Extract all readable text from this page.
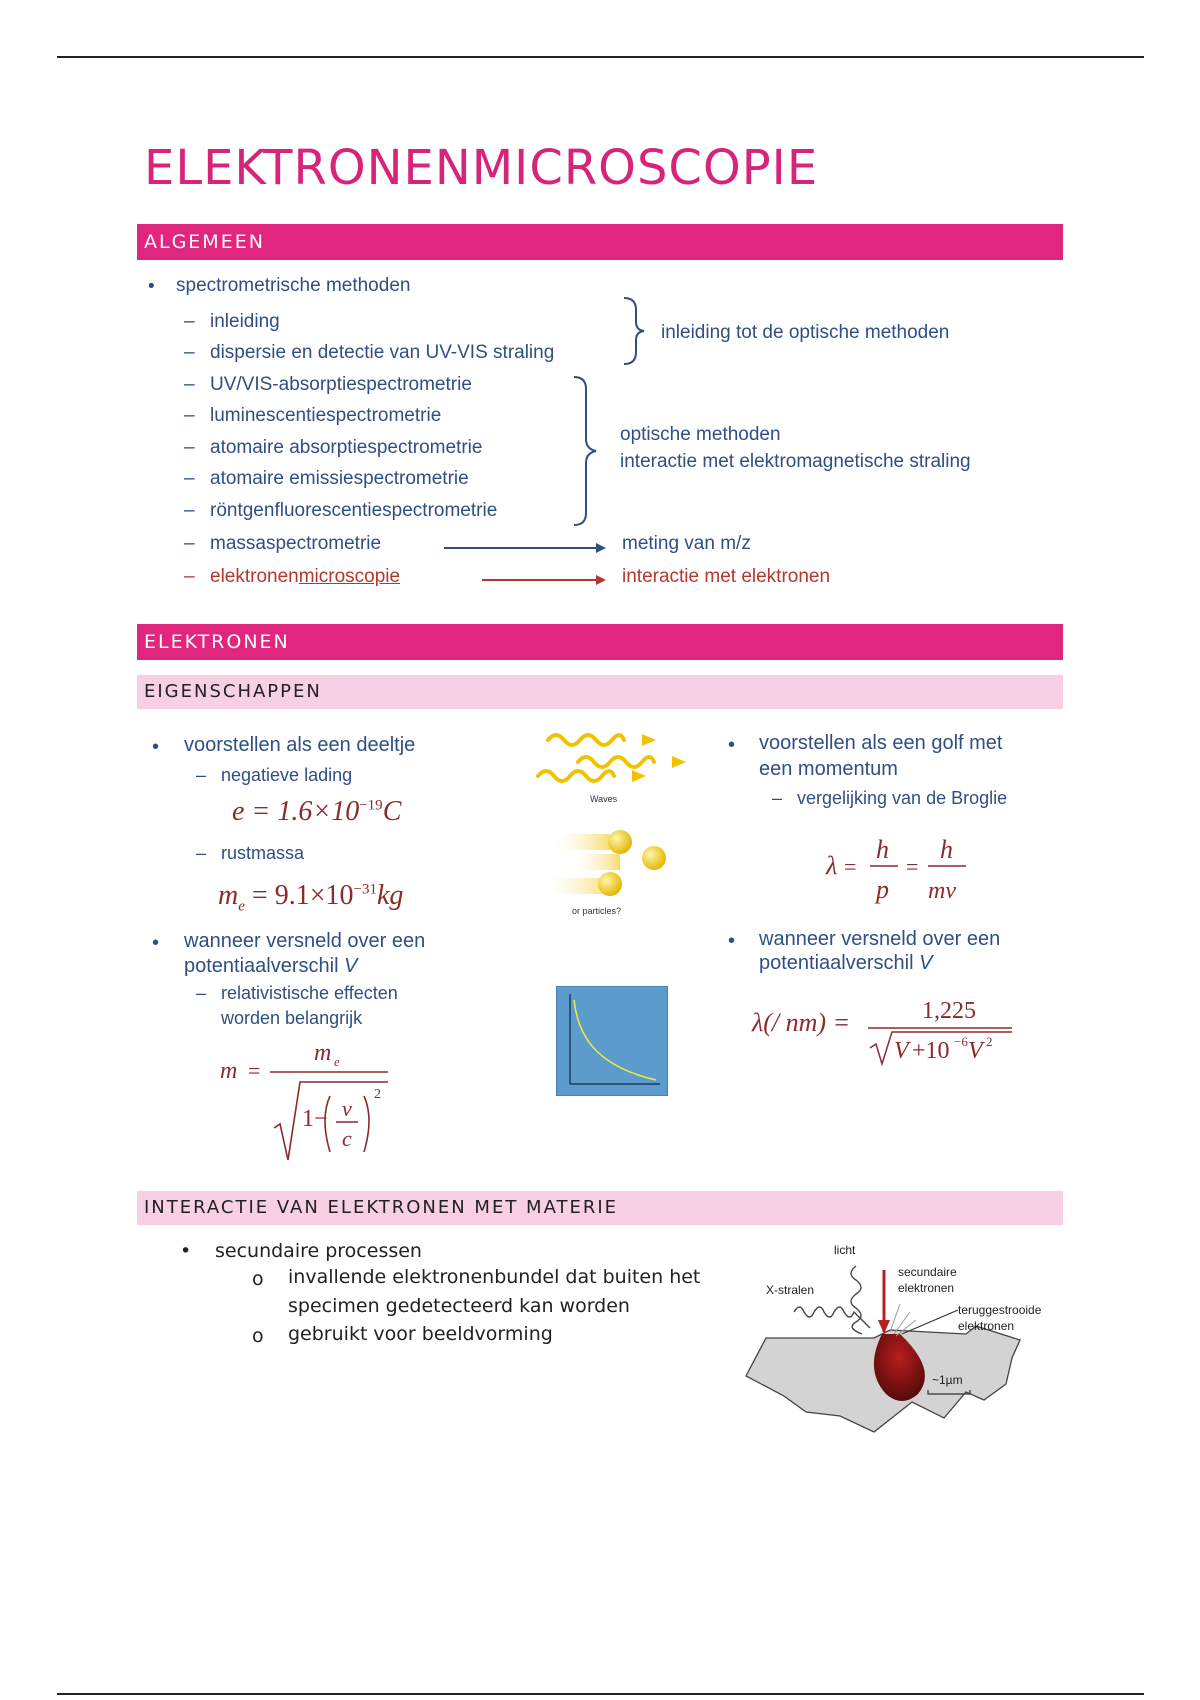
ELEKTRONENMICROSCOPIE
ALGEMEEN
• spectrometrische methoden
– inleiding
– dispersie en detectie van UV-VIS straling
– UV/VIS-absorptiespectrometrie
– luminescentiespectrometrie
– atomaire absorptiespectrometrie
– atomaire emissiespectrometrie
– röntgenfluorescentiespectrometrie
– massaspectrometrie
– elektronenmicroscopie
inleiding tot de optische methoden
optische methoden
interactie met elektromagnetische straling
meting van m/z
interactie met elektronen
ELEKTRONEN
EIGENSCHAPPEN
• voorstellen als een deeltje
– negatieve lading
$e = 1.6\times 10^{-19}C$
– rustmassa
$m_e = 9.1\times 10^{-31}kg$
• wanneer versneld over een
potentiaalverschil V
– relativistische effecten
worden belangrijk
m =
m e
1− v
c
2
Waves
or particles?
• voorstellen als een golf met
een momentum
– vergelijking van de Broglie
λ =
h
p
=
h
mv
• wanneer versneld over een
potentiaalverschil V
λ(/ nm) =	1,225
V +10 −6 V 2
INTERACTIE VAN ELEKTRONEN MET MATERIE
• secundaire processen
o invallende elektronenbundel dat buiten het
specimen gedetecteerd kan worden
o gebruikt voor beeldvorming
licht
X-stralen
secundaire
elektronen
teruggestrooide
elektronen
~1µm
